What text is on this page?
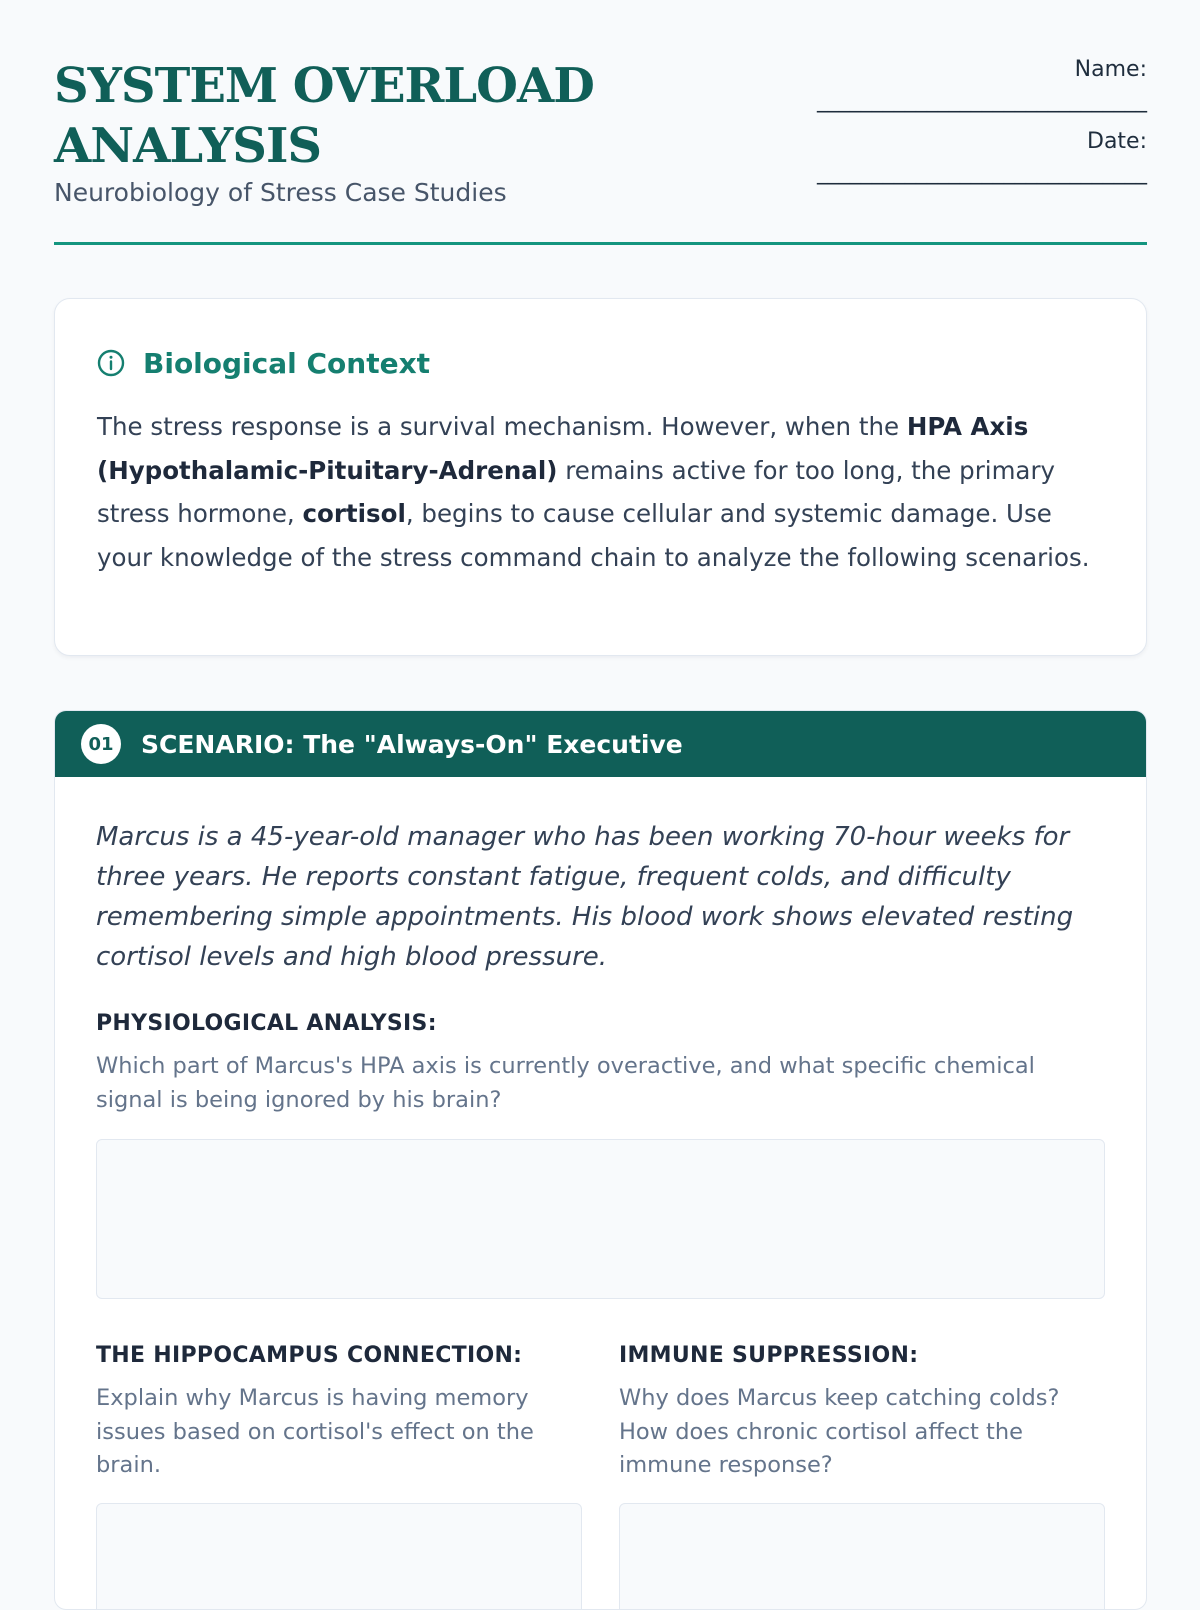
SYSTEM OVERLOAD ANALYSIS

Neurobiology of Stress Case Studies

Name:
______________________________
Date:
______________________________
Biological Context

The stress response is a survival mechanism. However, when the HPA Axis (Hypothalamic-Pituitary-Adrenal) remains active for too long, the primary stress hormone, cortisol, begins to cause cellular and systemic damage. Use your knowledge of the stress command chain to analyze the following scenarios.

01 SCENARIO: The "Always-On" Executive

Marcus is a 45-year-old manager who has been working 70-hour weeks for three years. He reports constant fatigue, frequent colds, and difficulty remembering simple appointments. His blood work shows elevated resting cortisol levels and high blood pressure.

PHYSIOLOGICAL ANALYSIS:

Which part of Marcus's HPA axis is currently overactive, and what specific chemical signal is being ignored by his brain?

THE HIPPOCAMPUS CONNECTION:

Explain why Marcus is having memory issues based on cortisol's effect on the brain.

IMMUNE SUPPRESSION:

Why does Marcus keep catching colds? How does chronic cortisol affect the immune response?
